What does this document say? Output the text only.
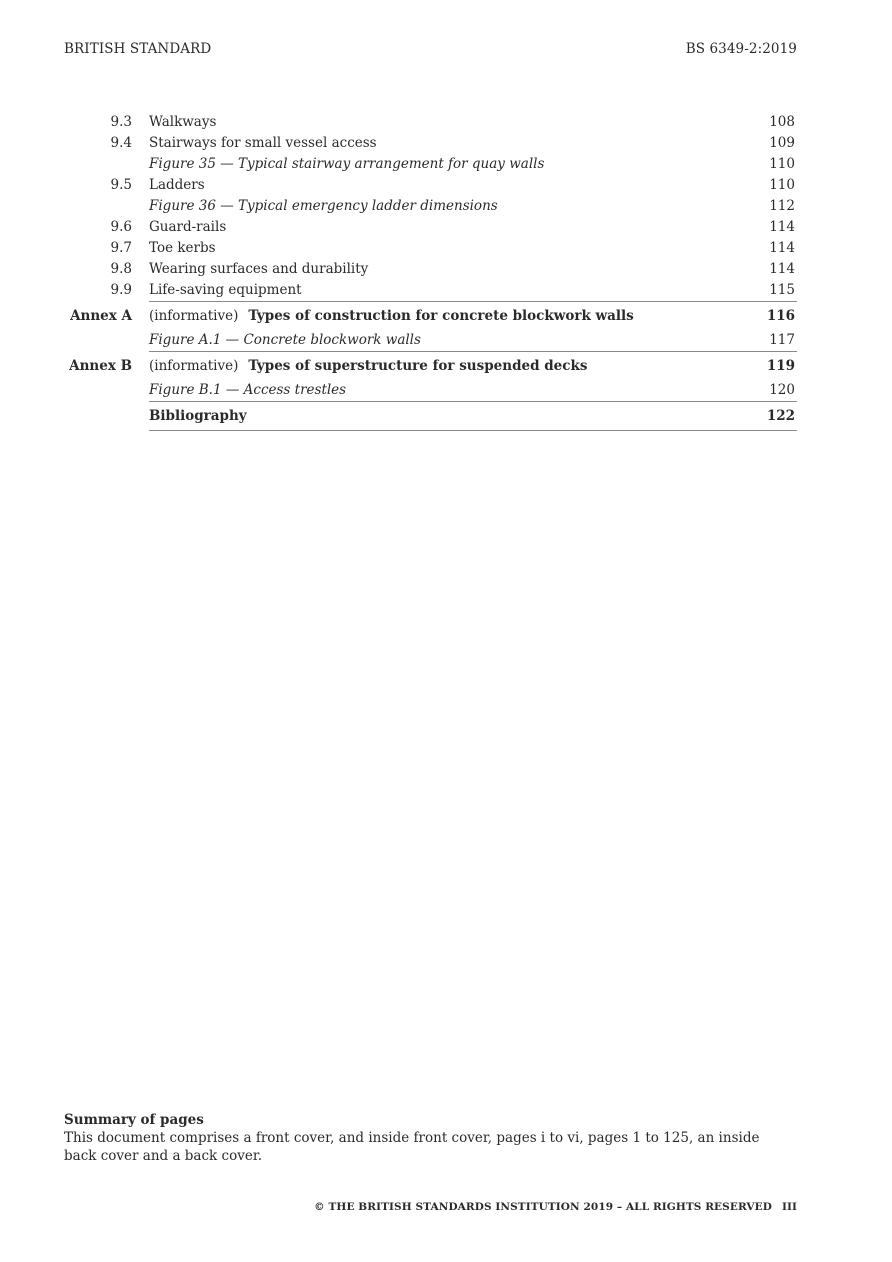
BRITISH STANDARD	BS 6349-2:2019
9.3 Walkways	108
9.4 Stairways for small vessel access	109
Figure 35 — Typical stairway arrangement for quay walls	110
9.5 Ladders	110
Figure 36 — Typical emergency ladder dimensions	112
9.6 Guard-rails	114
9.7 Toe kerbs	114
9.8 Wearing surfaces and durability	114
9.9 Life-saving equipment	115
Annex A (informative) Types of construction for concrete blockwork walls	116
Figure A.1 — Concrete blockwork walls	117
Annex B (informative) Types of superstructure for suspended decks	119
Figure B.1 — Access trestles	120
Bibliography	122
Summary of pages
This document comprises a front cover, and inside front cover, pages i to vi, pages 1 to 125, an inside back cover and a back cover.
© THE BRITISH STANDARDS INSTITUTION 2019 – ALL RIGHTS RESERVED III
